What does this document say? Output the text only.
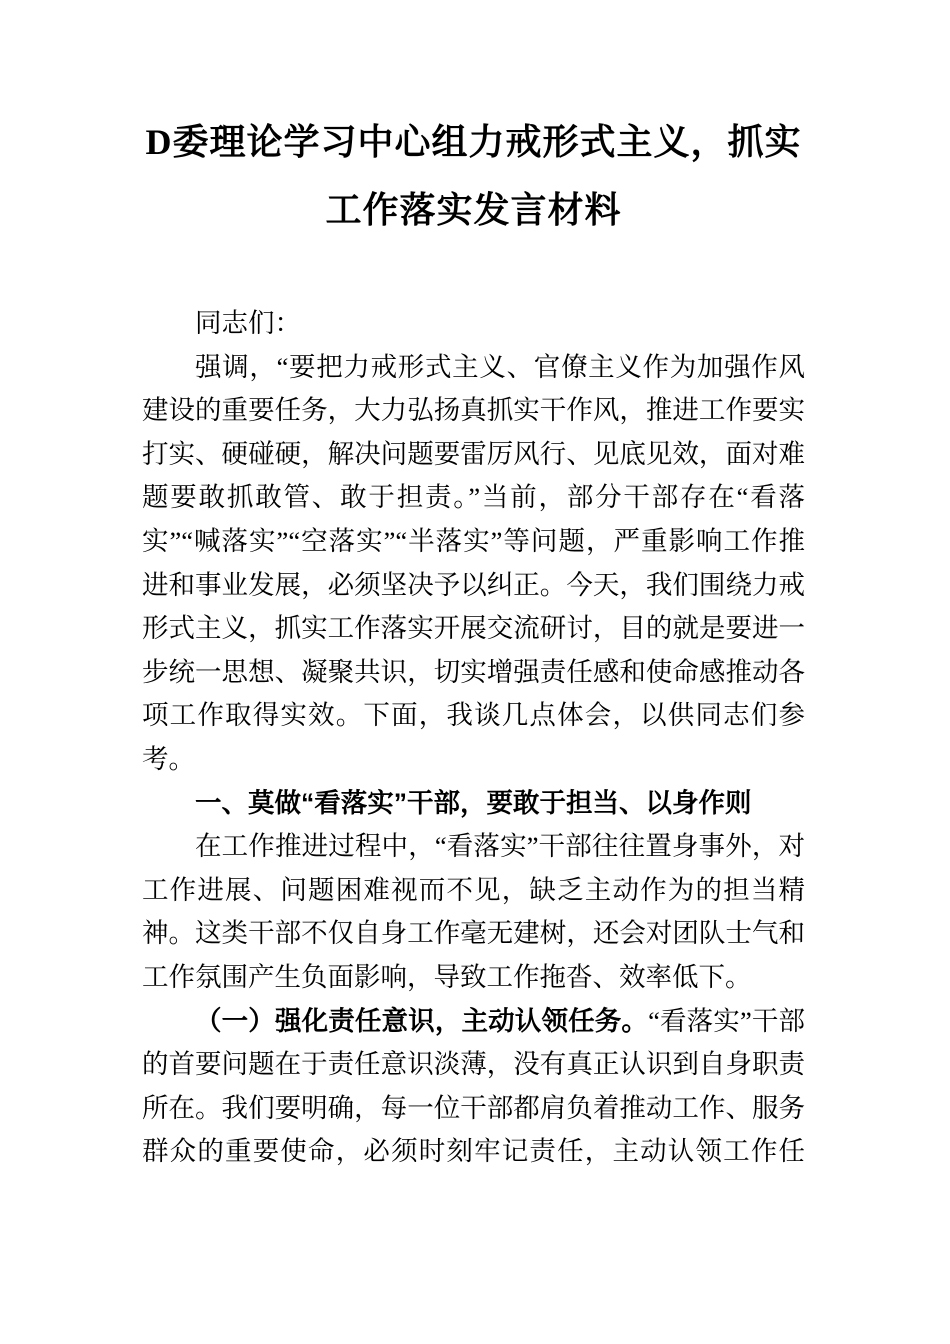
D委理论学习中心组力戒形式主义，抓实
工作落实发言材料

同志们：

强调，“要把力戒形式主义、官僚主义作为加强作风建设的重要任务，大力弘扬真抓实干作风，推进工作要实打实、硬碰硬，解决问题要雷厉风行、见底见效，面对难题要敢抓敢管、敢于担责。”当前，部分干部存在“看落实”“喊落实”“空落实”“半落实”等问题，严重影响工作推进和事业发展，必须坚决予以纠正。今天，我们围绕力戒形式主义，抓实工作落实开展交流研讨，目的就是要进一步统一思想、凝聚共识，切实增强责任感和使命感推动各项工作取得实效。下面，我谈几点体会，以供同志们参考。

一、莫做“看落实”干部，要敢于担当、以身作则

在工作推进过程中，“看落实”干部往往置身事外，对工作进展、问题困难视而不见，缺乏主动作为的担当精神。这类干部不仅自身工作毫无建树，还会对团队士气和工作氛围产生负面影响，导致工作拖沓、效率低下。

（一）强化责任意识，主动认领任务。“看落实”干部的首要问题在于责任意识淡薄，没有真正认识到自身职责所在。我们要明确，每一位干部都肩负着推动工作、服务群众的重要使命，必须时刻牢记责任，主动认领工作任
